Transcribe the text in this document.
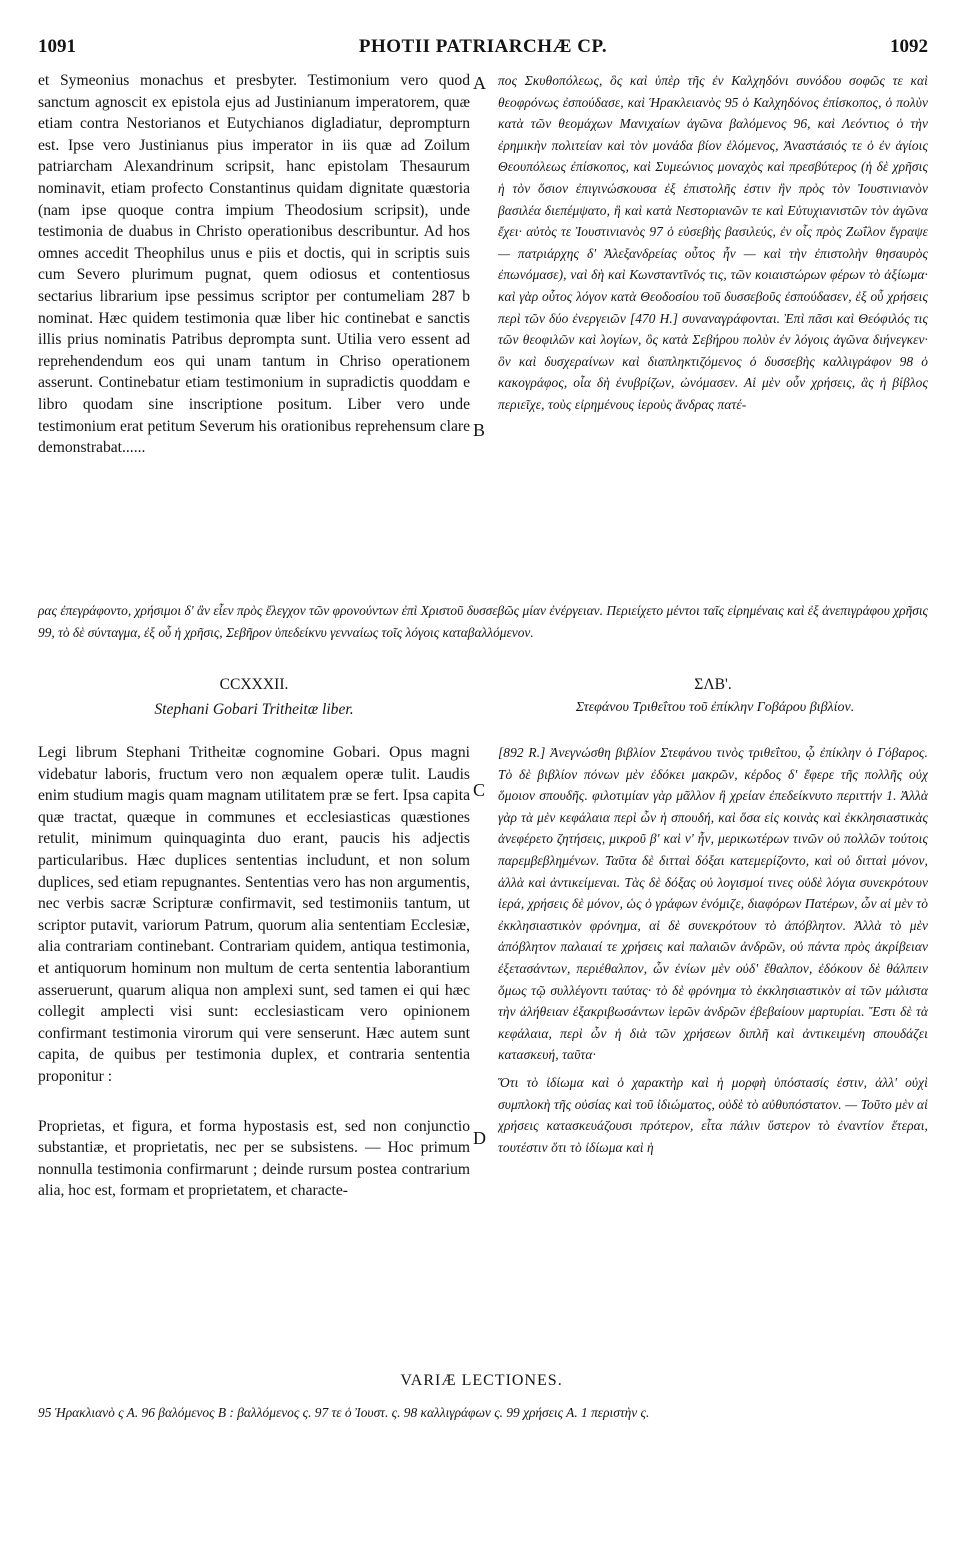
1091	PHOTII PATRIARCHÆ CP.	1092

et Symeonius monachus et presbyter. Testimonium vero quod sanctum agnoscit ex epistola ejus ad Justinianum imperatorem, quæ etiam contra Nestorianos et Eutychianos digladiatur, deprompturn est. Ipse vero Justinianus pius imperator in iis quæ ad Zoilum patriarcham Alexandrinum scripsit, hanc epistolam Thesaurum nominavit, etiam profecto Constantinus quidam dignitate quæstoria (nam ipse quoque contra impium Theodosium scripsit), unde testimonia de duabus in Christo operationibus describuntur. Ad hos omnes accedit Theophilus unus e piis et doctis, qui in scriptis suis cum Severo plurimum pugnat, quem odiosus et contentiosus sectarius librarium ipse pessimus scriptor per contumeliam 287 b nominat. Hæc quidem testimonia quæ liber hic continebat e sanctis illis prius nominatis Patribus deprompta sunt. Utilia vero essent ad reprehendendum eos qui unam tantum in Chriso operationem asserunt. Continebatur etiam testimonium in supradictis quoddam e libro quodam sine inscriptione positum. Liber vero unde testimonium erat petitum Severum his orationibus reprehensum clare demonstrabat......

πος Σκυθοπόλεως, ὃς καὶ ὑπὲρ τῆς ἐν Καλχηδόνι συνόδου σοφῶς τε καὶ θεοφρόνως ἐσπούδασε, καὶ Ἡρακλειανὸς 95 ὁ Καλχηδόνος ἐπίσκοπος, ὁ πολὺν κατὰ τῶν θεομάχων Μανιχαίων ἀγῶνα βαλόμενος 96, καὶ Λεόντιος ὁ τὴν ἐρημικὴν πολιτείαν καὶ τὸν μονάδα βίον ἑλόμενος, Ἀναστάσιός τε ὁ ἐν ἁγίοις Θεουπόλεως ἐπίσκοπος, καὶ Συμεώνιος μοναχὸς καὶ πρεσβύτερος (ἡ δὲ χρῆσις ἡ τὸν ὅσιον ἐπιγινώσκουσα ἐξ ἐπιστολῆς ἐστιν ἣν πρὸς τὸν Ἰουστινιανὸν βασιλέα διεπέμψατο, ἣ καὶ κατὰ Νεστοριανῶν τε καὶ Εὐτυχιανιστῶν τὸν ἀγῶνα ἔχει· αὐτὸς τε Ἰουστινιανὸς 97 ὁ εὐσεβὴς βασιλεύς, ἐν οἷς πρὸς Ζωΐλον ἔγραψε — πατριάρχης δ' Ἀλεξανδρείας οὗτος ἦν — καὶ τὴν ἐπιστολὴν θησαυρὸς ἐπωνόμασε), ναὶ δὴ καὶ Κωνσταντῖνός τις, τῶν κοιαιστώρων φέρων τὸ ἀξίωμα· καὶ γὰρ οὗτος λόγον κατὰ Θεοδοσίου τοῦ δυσσεβοῦς ἐσπούδασεν, ἐξ οὗ χρήσεις περὶ τῶν δύο ἐνεργειῶν [470 H.] συναναγράφονται. Ἐπὶ πᾶσι καὶ Θεόφιλός τις τῶν θεοφιλῶν καὶ λογίων, ὃς κατὰ Σεβήρου πολὺν ἐν λόγοις ἀγῶνα διήνεγκεν· ὃν καὶ δυσχεραίνων καὶ διαπληκτιζόμενος ὁ δυσσεβὴς καλλιγράφον 98 ὁ κακογράφος, οἷα δὴ ἐνυβρίζων, ὠνόμασεν. Αἱ μὲν οὖν χρήσεις, ἃς ἡ βίβλος περιεῖχε, τοὺς εἰρημένους ἱεροὺς ἄνδρας πατέ-

A
B
ρας ἐπεγράφοντο, χρήσιμοι δ' ἂν εἶεν πρὸς ἔλεγχον τῶν φρονούντων ἐπὶ Χριστοῦ δυσσεβῶς μίαν ἐνέργειαν. Περιείχετο μέντοι ταῖς εἰρημέναις καὶ ἐξ ἀνεπιγράφου χρῆσις 99, τὸ δὲ σύνταγμα, ἐξ οὗ ἡ χρῆσις, Σεβῆρον ὑπεδείκνυ γενναίως τοῖς λόγοις καταβαλλόμενον.
CCXXXII.
Stephani Gobari Tritheitæ liber.
ΣΛΒ'.
Στεφάνου Τριθεΐτου τοῦ ἐπίκλην Γοβάρου βιβλίον.

Legi librum Stephani Tritheitæ cognomine Gobari. Opus magni videbatur laboris, fructum vero non æqualem operæ tulit. Laudis enim studium magis quam magnam utilitatem præ se fert. Ipsa capita quæ tractat, quæque in communes et ecclesiasticas quæstiones retulit, minimum quinquaginta duo erant, paucis his adjectis particularibus. Hæc duplices sententias includunt, et non solum duplices, sed etiam repugnantes. Sententias vero has non argumentis, nec verbis sacræ Scripturæ confirmavit, sed testimoniis tantum, ut scriptor putavit, variorum Patrum, quorum alia sententiam Ecclesiæ, alia contrariam continebant. Contrariam quidem, antiqua testimonia, et antiquorum hominum non multum de certa sententia laborantium asseruerunt, quarum aliqua non amplexi sunt, sed tamen ei qui hæc collegit amplecti visi sunt: ecclesiasticam vero opinionem confirmant testimonia virorum qui vere senserunt. Hæc autem sunt capita, de quibus per testimonia duplex, et contraria sententia proponitur :

Proprietas, et figura, et forma hypostasis est, sed non conjunctio substantiæ, et proprietatis, nec per se subsistens. — Hoc primum nonnulla testimonia confirmarunt ; deinde rursum postea contrarium alia, hoc est, formam et proprietatem, et characte-

[892 R.] Ἀνεγνώσθη βιβλίον Στεφάνου τινὸς τριθεΐτου, ᾧ ἐπίκλην ὁ Γόβαρος. Τὸ δὲ βιβλίον πόνων μὲν ἐδόκει μακρῶν, κέρδος δ' ἔφερε τῆς πολλῆς οὐχ ὅμοιον σπουδῆς. φιλοτιμίαν γὰρ μᾶλλον ἢ χρείαν ἐπεδείκνυτο περιττήν 1. Ἀλλὰ γὰρ τὰ μὲν κεφάλαια περὶ ὧν ἡ σπουδή, καὶ ὅσα εἰς κοινὰς καὶ ἐκκλησιαστικὰς ἀνεφέρετο ζητήσεις, μικροῦ β' καὶ ν' ἦν, μερικωτέρων τινῶν οὐ πολλῶν τούτοις παρεμβεβλημένων. Ταῦτα δὲ διτταὶ δόξαι κατεμερίζοντο, καὶ οὐ διτταὶ μόνον, ἀλλὰ καὶ ἀντικείμεναι. Τὰς δὲ δόξας οὐ λογισμοί τινες οὐδὲ λόγια συνεκρότουν ἱερά, χρήσεις δὲ μόνον, ὡς ὁ γράφων ἐνόμιζε, διαφόρων Πατέρων, ὧν αἱ μὲν τὸ ἐκκλησιαστικὸν φρόνημα, αἱ δὲ συνεκρότουν τὸ ἀπόβλητον. Ἀλλὰ τὸ μὲν ἀπόβλητον παλαιαί τε χρήσεις καὶ παλαιῶν ἀνδρῶν, οὐ πάντα πρὸς ἀκρίβειαν ἐξετασάντων, περιέθαλπον, ὧν ἐνίων μὲν οὐδ' ἔθαλπον, ἐδόκουν δὲ θάλπειν ὅμως τῷ συλλέγοντι ταύτας· τὸ δὲ φρόνημα τὸ ἐκκλησιαστικὸν αἱ τῶν μάλιστα τὴν ἀλήθειαν ἐξακριβωσάντων ἱερῶν ἀνδρῶν ἐβεβαίουν μαρτυρίαι. Ἔστι δὲ τὰ κεφάλαια, περὶ ὧν ἡ διὰ τῶν χρήσεων διπλῆ καὶ ἀντικειμένη σπουδάζει κατασκευή, ταῦτα·

Ὅτι τὸ ἰδίωμα καὶ ὁ χαρακτὴρ καὶ ἡ μορφὴ ὑπόστασίς ἐστιν, ἀλλ' οὐχὶ συμπλοκὴ τῆς οὐσίας καὶ τοῦ ἰδιώματος, οὐδὲ τὸ αὐθυπόστατον. — Τοῦτο μὲν αἱ χρήσεις κατασκευάζουσι πρότερον, εἶτα πάλιν ὕστερον τὸ ἐναντίον ἕτεραι, τουτέστιν ὅτι τὸ ἰδίωμα καὶ ἡ

C
D
VARIÆ LECTIONES.
95 Ἡρακλιανὸ ς Α. 96 βαλόμενος Β : βαλλόμενος ς. 97 τε ὁ Ἰουστ. ς. 98 καλλιγράφων ς. 99 χρήσεις Α. 1 περιστὴν ς.
